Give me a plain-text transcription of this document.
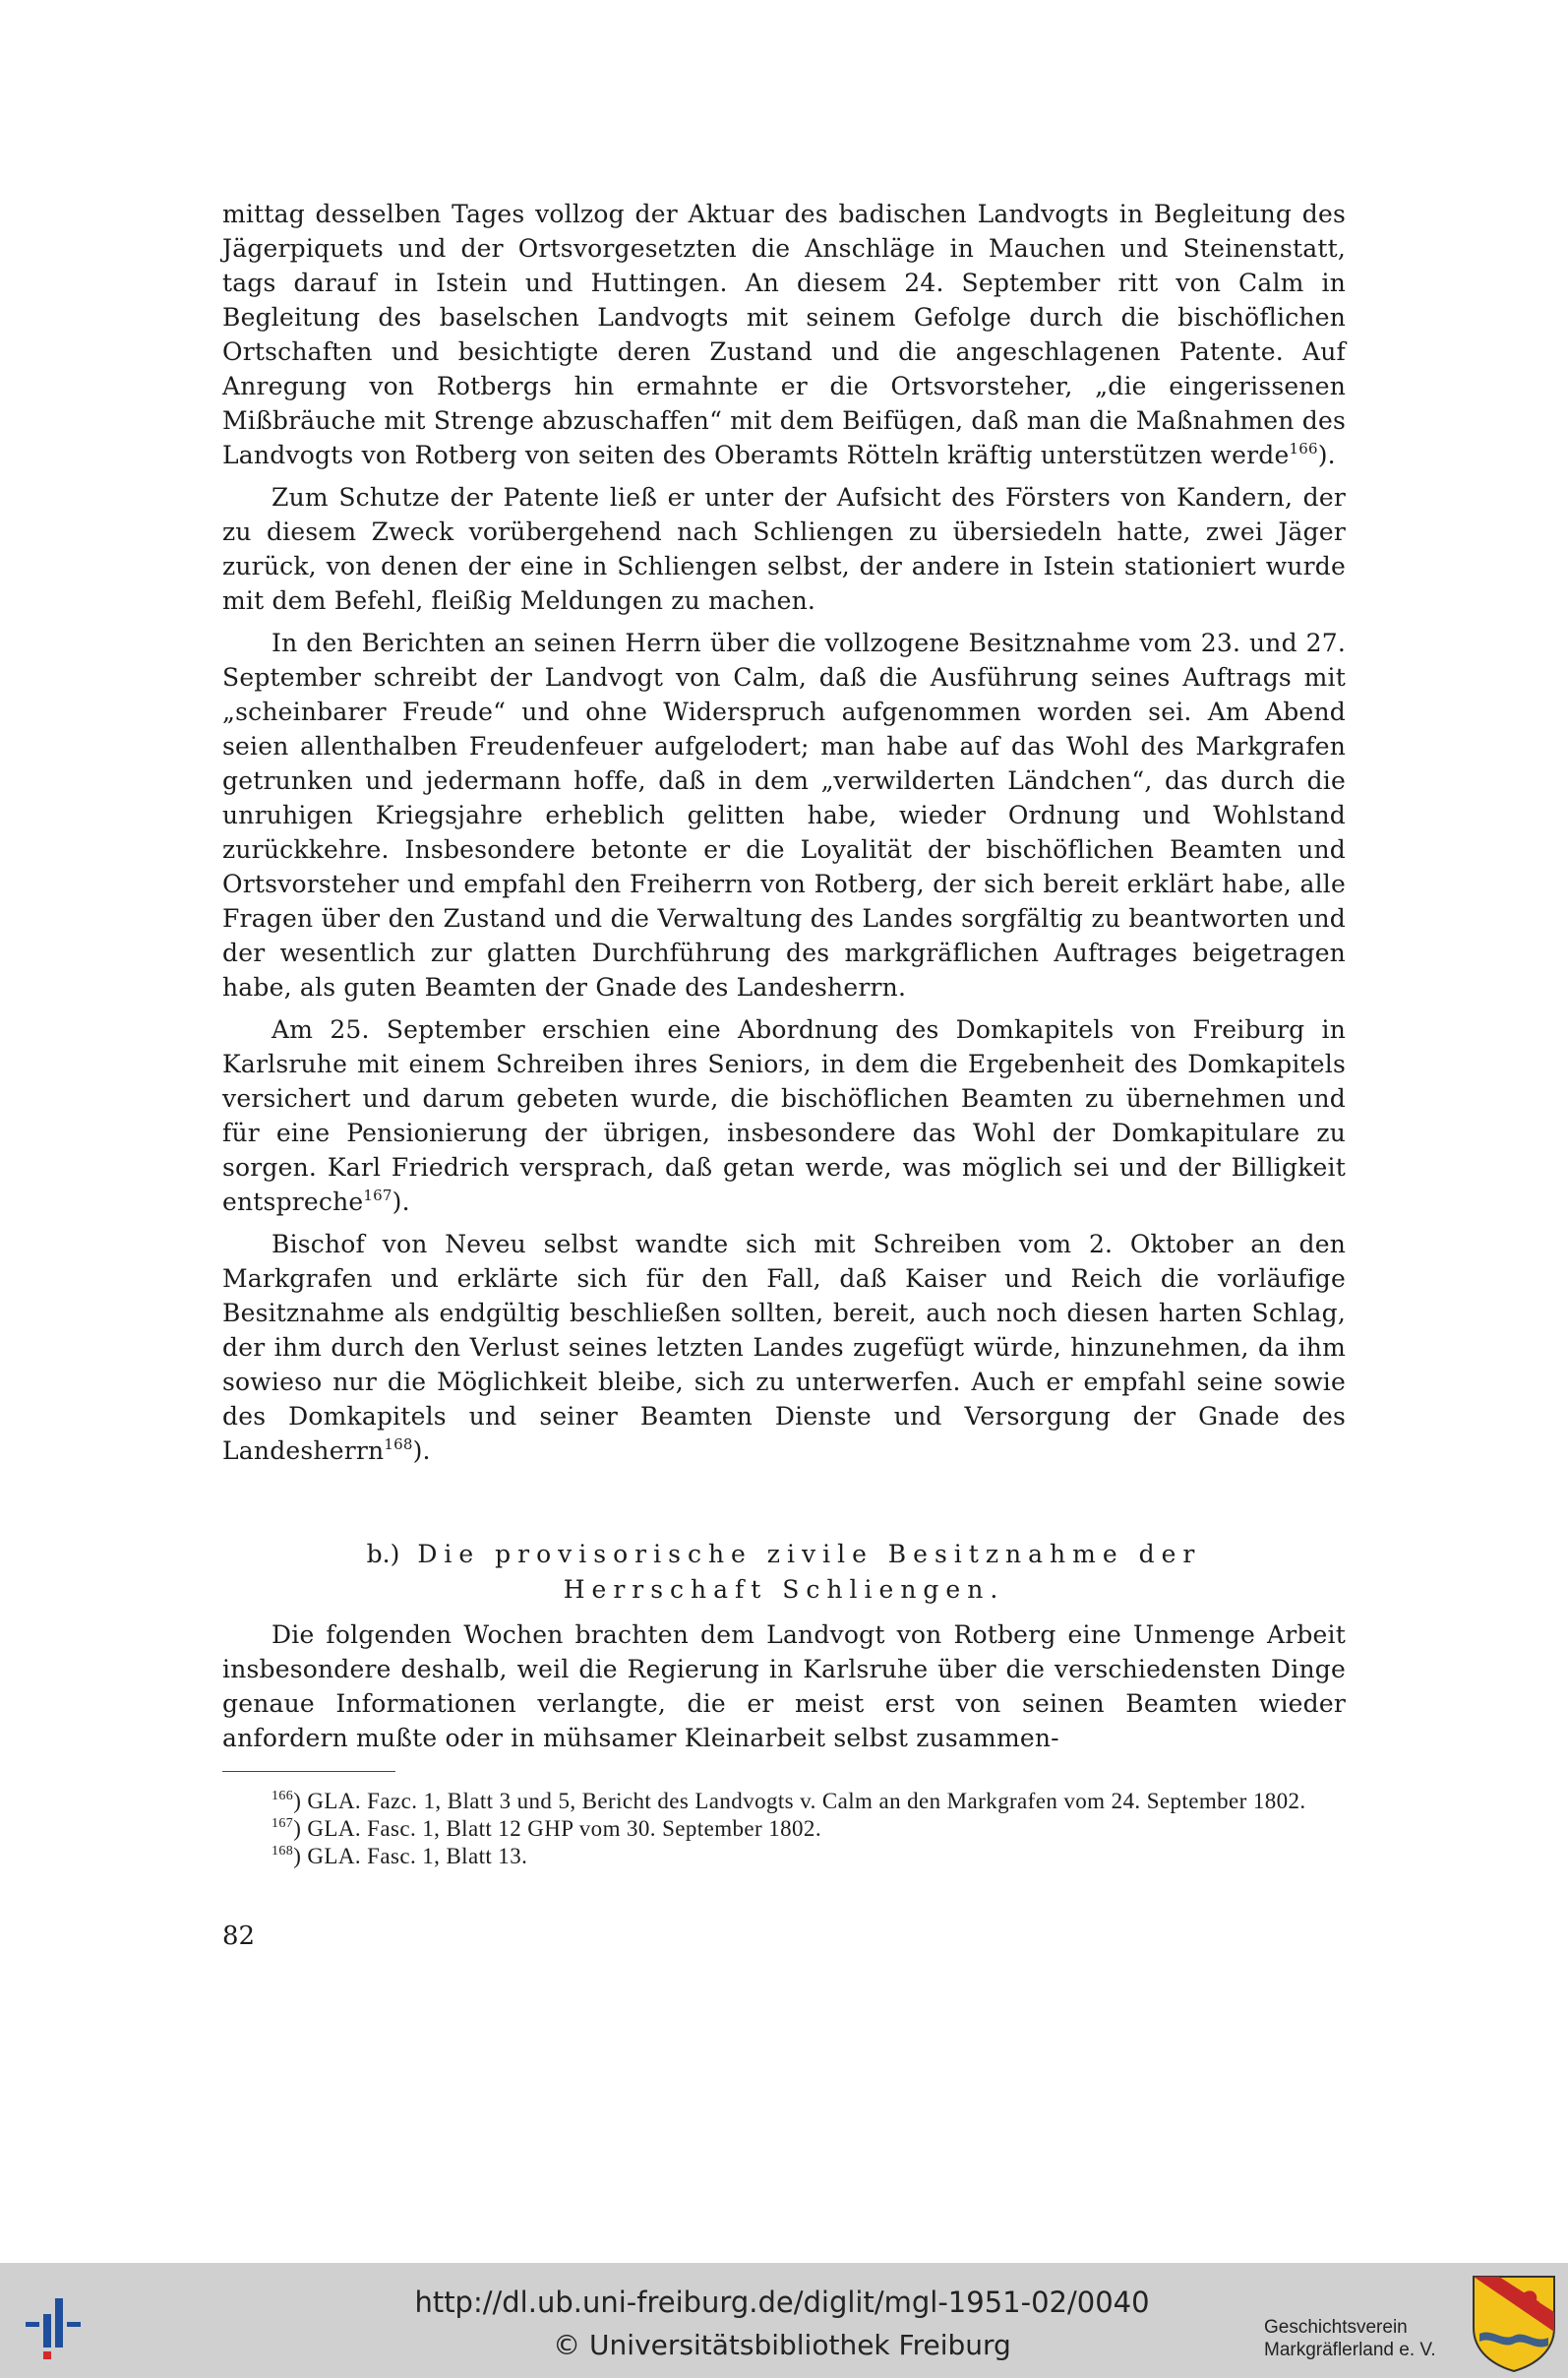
mittag desselben Tages vollzog der Aktuar des badischen Landvogts in Begleitung des Jägerpiquets und der Ortsvorgesetzten die Anschläge in Mauchen und Steinenstatt, tags darauf in Istein und Huttingen. An diesem 24. September ritt von Calm in Begleitung des baselschen Landvogts mit seinem Gefolge durch die bischöflichen Ortschaften und besichtigte deren Zustand und die angeschlagenen Patente. Auf Anregung von Rotbergs hin ermahnte er die Ortsvorsteher, „die eingerissenen Mißbräuche mit Strenge abzuschaffen“ mit dem Beifügen, daß man die Maßnahmen des Landvogts von Rotberg von seiten des Oberamts Rötteln kräftig unterstützen werde$^{166}$).

Zum Schutze der Patente ließ er unter der Aufsicht des Försters von Kandern, der zu diesem Zweck vorübergehend nach Schliengen zu übersiedeln hatte, zwei Jäger zurück, von denen der eine in Schliengen selbst, der andere in Istein stationiert wurde mit dem Befehl, fleißig Meldungen zu machen.

In den Berichten an seinen Herrn über die vollzogene Besitznahme vom 23. und 27. September schreibt der Landvogt von Calm, daß die Ausführung seines Auftrags mit „scheinbarer Freude“ und ohne Widerspruch aufgenommen worden sei. Am Abend seien allenthalben Freudenfeuer aufgelodert; man habe auf das Wohl des Markgrafen getrunken und jedermann hoffe, daß in dem „verwilderten Ländchen“, das durch die unruhigen Kriegsjahre erheblich gelitten habe, wieder Ordnung und Wohlstand zurückkehre. Insbesondere betonte er die Loyalität der bischöflichen Beamten und Ortsvorsteher und empfahl den Freiherrn von Rotberg, der sich bereit erklärt habe, alle Fragen über den Zustand und die Verwaltung des Landes sorgfältig zu beantworten und der wesentlich zur glatten Durchführung des markgräflichen Auftrages beigetragen habe, als guten Beamten der Gnade des Landesherrn.

Am 25. September erschien eine Abordnung des Domkapitels von Freiburg in Karlsruhe mit einem Schreiben ihres Seniors, in dem die Ergebenheit des Domkapitels versichert und darum gebeten wurde, die bischöflichen Beamten zu übernehmen und für eine Pensionierung der übrigen, insbesondere das Wohl der Domkapitulare zu sorgen. Karl Friedrich versprach, daß getan werde, was möglich sei und der Billigkeit entspreche$^{167}$).

Bischof von Neveu selbst wandte sich mit Schreiben vom 2. Oktober an den Markgrafen und erklärte sich für den Fall, daß Kaiser und Reich die vorläufige Besitznahme als endgültig beschließen sollten, bereit, auch noch diesen harten Schlag, der ihm durch den Verlust seines letzten Landes zugefügt würde, hinzunehmen, da ihm sowieso nur die Möglichkeit bleibe, sich zu unterwerfen. Auch er empfahl seine sowie des Domkapitels und seiner Beamten Dienste und Versorgung der Gnade des Landesherrn$^{168}$).

b.) Die provisorische zivile Besitznahme der
Herrschaft Schliengen.

Die folgenden Wochen brachten dem Landvogt von Rotberg eine Unmenge Arbeit insbesondere deshalb, weil die Regierung in Karlsruhe über die verschiedensten Dinge genaue Informationen verlangte, die er meist erst von seinen Beamten wieder anfordern mußte oder in mühsamer Kleinarbeit selbst zusammen-

$^{166}$) GLA. Fazc. 1, Blatt 3 und 5, Bericht des Landvogts v. Calm an den Markgrafen vom 24. September 1802.

$^{167}$) GLA. Fasc. 1, Blatt 12 GHP vom 30. September 1802.

$^{168}$) GLA. Fasc. 1, Blatt 13.

82
http://dl.ub.uni-freiburg.de/diglit/mgl-1951-02/0040
© Universitätsbibliothek Freiburg
Geschichtsverein
Markgräflerland e. V.
